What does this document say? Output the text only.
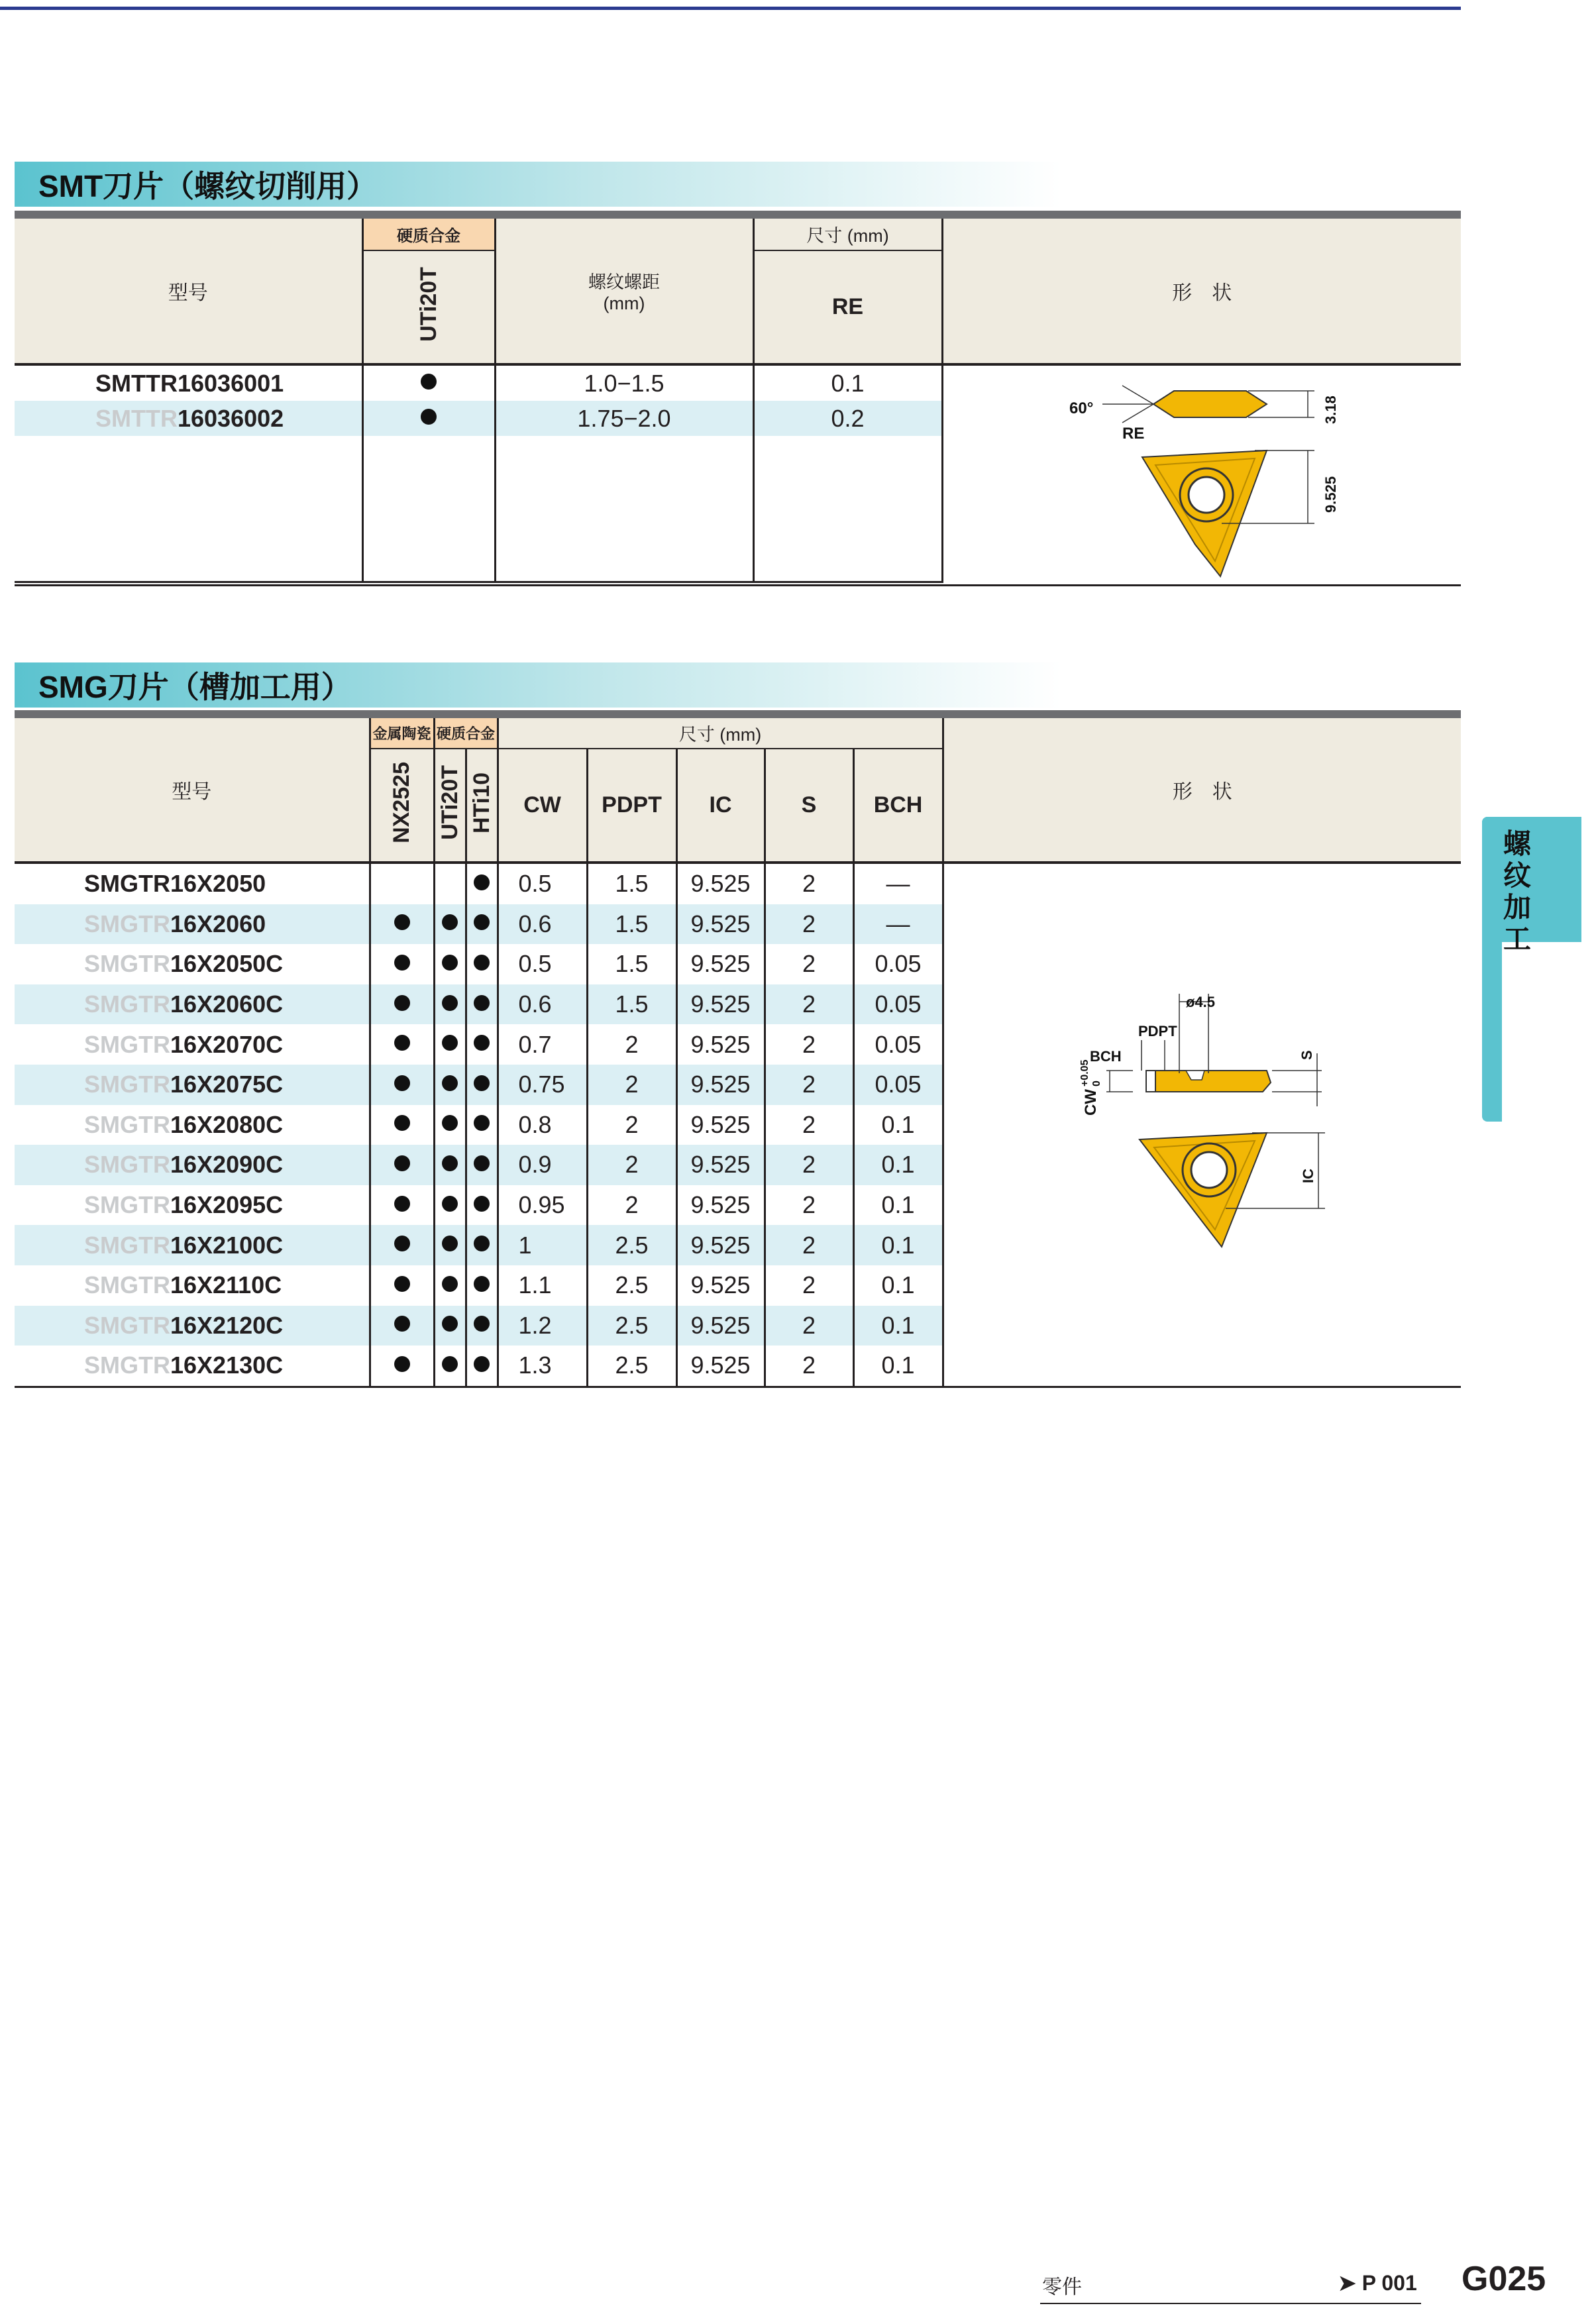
SMT刀片（螺纹切削用）
型号	硬质合金	螺纹螺距
(mm)	尺寸 (mm)	形　状
	UTi20T		RE	

SMTTR16036001		1.0−1.5	0.1	60°
RE
3.18
9.525

SMTTR16036002		1.75−2.0	0.2	

SMG刀片（槽加工用）
型号	金属陶瓷	硬质合金		尺寸 (mm)					形　状
	NX2525	UTi20T	HTi10	CW	PDPT	IC	S	BCH	

SMGTR16X2050				0.5	1.5	9.525	2	—	
SMGTR16X2060				0.6	1.5	9.525	2	—	
SMGTR16X2050C				0.5	1.5	9.525	2	0.05	
SMGTR16X2060C				0.6	1.5	9.525	2	0.05	
SMGTR16X2070C				0.7	2	9.525	2	0.05	
SMGTR16X2075C				0.75	2	9.525	2	0.05	
SMGTR16X2080C				0.8	2	9.525	2	0.1	
SMGTR16X2090C				0.9	2	9.525	2	0.1	
SMGTR16X2095C				0.95	2	9.525	2	0.1	
SMGTR16X2100C				1	2.5	9.525	2	0.1	
SMGTR16X2110C				1.1	2.5	9.525	2	0.1	
SMGTR16X2120C				1.2	2.5	9.525	2	0.1	
SMGTR16X2130C				1.3	2.5	9.525	2	0.1	

ø4.5
PDPT
BCH	S
CW
+0.05 0
IC
螺
纹
加
工
零件	➤ P 001 G025
